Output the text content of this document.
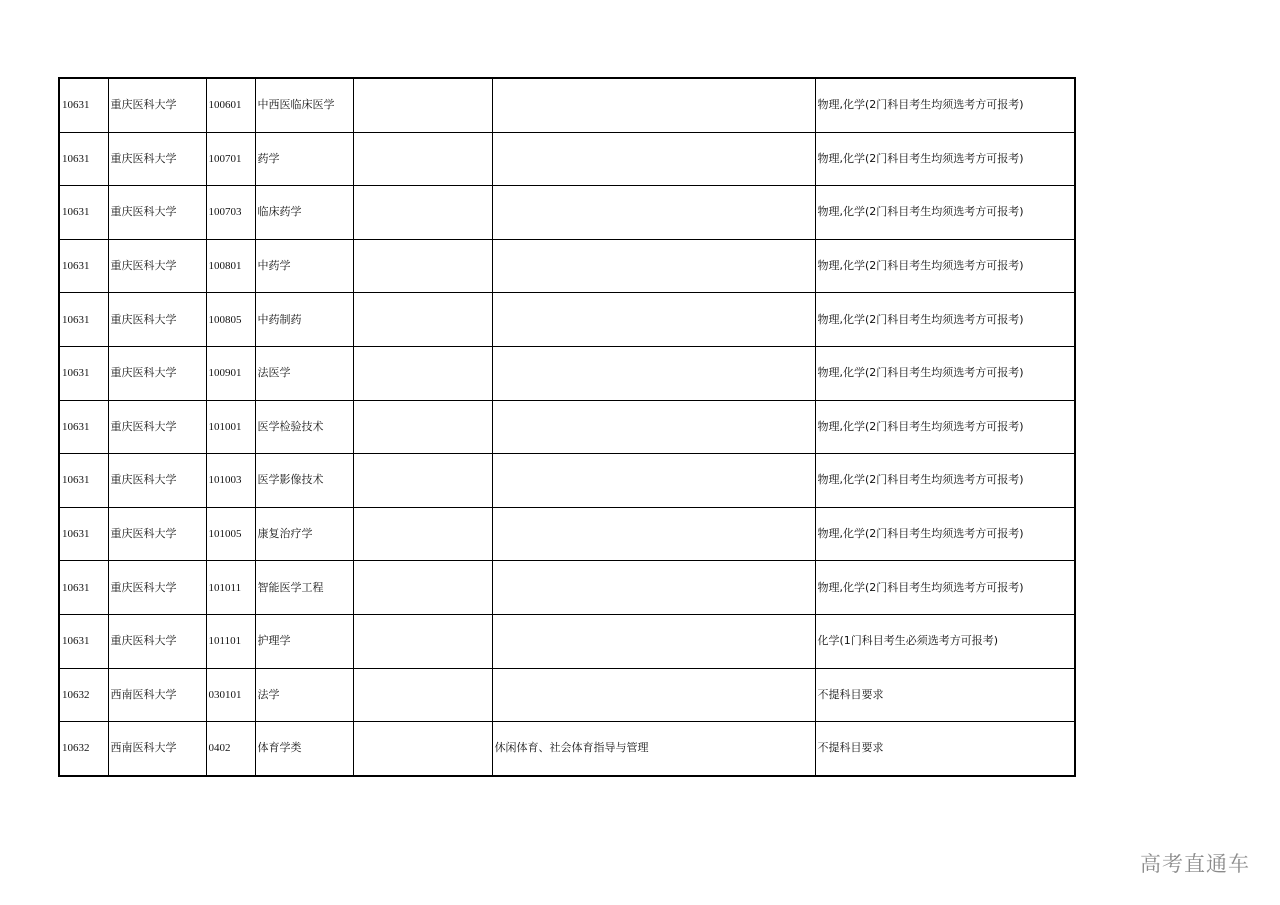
10631	重庆医科大学	100601	中西医临床医学			物理,化学(2门科目考生均须选考方可报考)
10631	重庆医科大学	100701	药学			物理,化学(2门科目考生均须选考方可报考)
10631	重庆医科大学	100703	临床药学			物理,化学(2门科目考生均须选考方可报考)
10631	重庆医科大学	100801	中药学			物理,化学(2门科目考生均须选考方可报考)
10631	重庆医科大学	100805	中药制药			物理,化学(2门科目考生均须选考方可报考)
10631	重庆医科大学	100901	法医学			物理,化学(2门科目考生均须选考方可报考)
10631	重庆医科大学	101001	医学检验技术			物理,化学(2门科目考生均须选考方可报考)
10631	重庆医科大学	101003	医学影像技术			物理,化学(2门科目考生均须选考方可报考)
10631	重庆医科大学	101005	康复治疗学			物理,化学(2门科目考生均须选考方可报考)
10631	重庆医科大学	101011	智能医学工程			物理,化学(2门科目考生均须选考方可报考)
10631	重庆医科大学	101101	护理学			化学(1门科目考生必须选考方可报考)
10632	西南医科大学	030101	法学			不提科目要求
10632	西南医科大学	0402	体育学类		休闲体育、社会体育指导与管理	不提科目要求
高考直通车
